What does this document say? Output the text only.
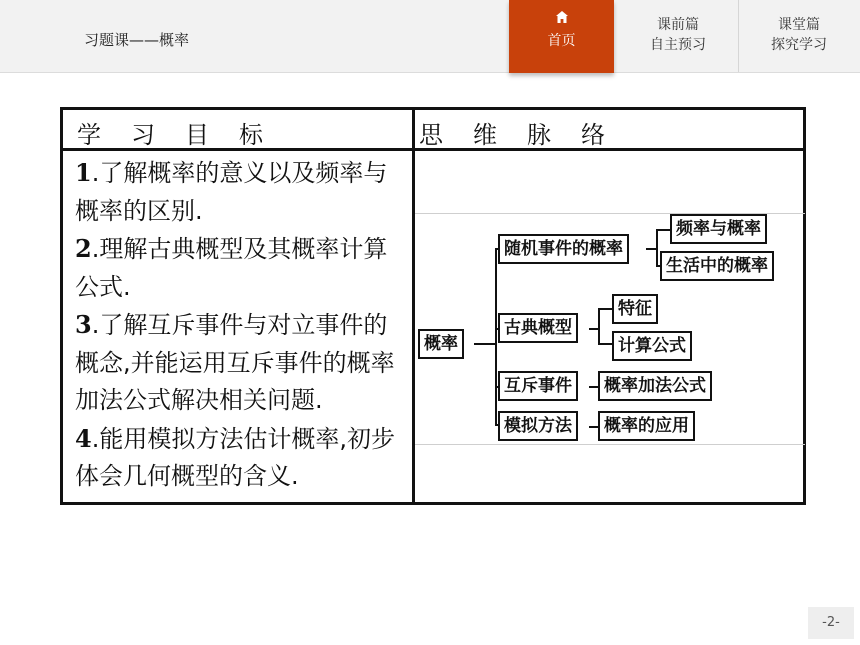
习题课——概率	首页
课前篇
自主预习
课堂篇
探究学习
学习目标	思维脉络
1.了解概率的意义以及频率与概率的区别.
2.理解古典概型及其概率计算公式.
3.了解互斥事件与对立事件的概念,并能运用互斥事件的概率加法公式解决相关问题.
4.能用模拟方法估计概率,初步体会几何概型的含义.
概率
随机事件的概率
频率与概率
生活中的概率
古典概型
特征
计算公式
互斥事件	概率加法公式
模拟方法	概率的应用
-2-
